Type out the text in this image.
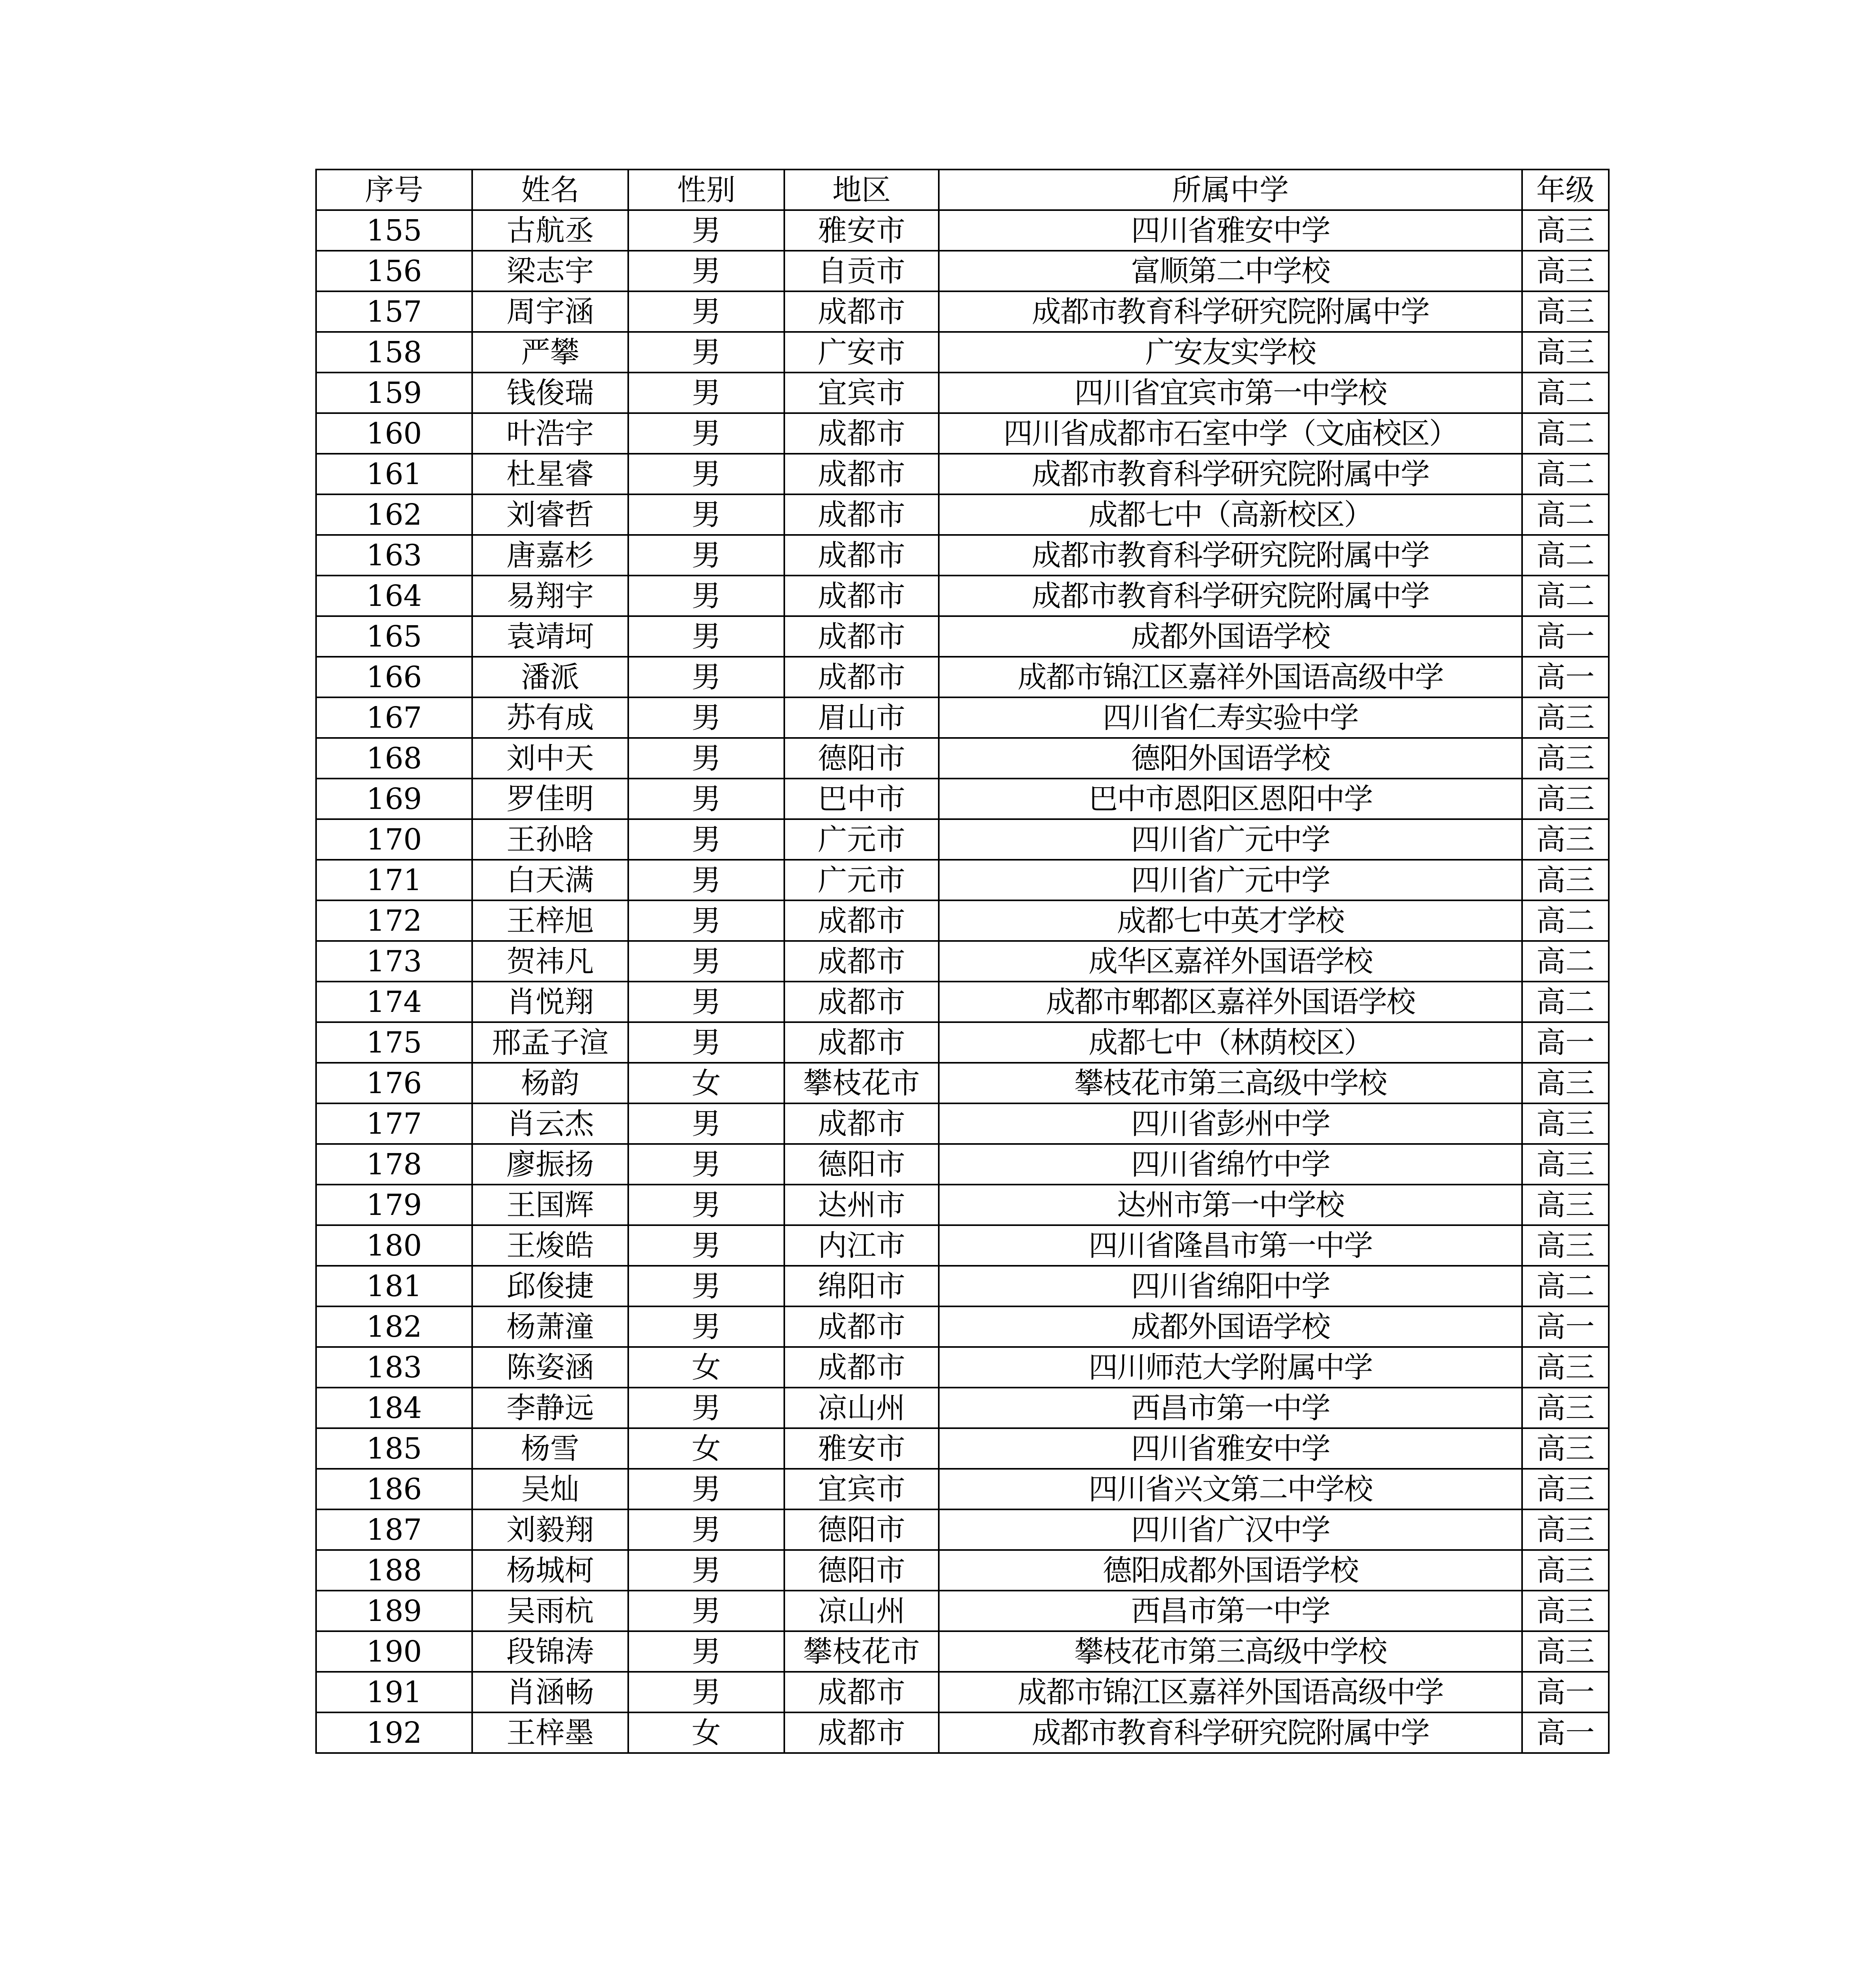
序号	姓名	性别	地区	所属中学	年级
155	古航丞	男	雅安市	四川省雅安中学	高三
156	梁志宇	男	自贡市	富顺第二中学校	高三
157	周宇涵	男	成都市	成都市教育科学研究院附属中学	高三
158	严攀	男	广安市	广安友实学校	高三
159	钱俊瑞	男	宜宾市	四川省宜宾市第一中学校	高二
160	叶浩宇	男	成都市	四川省成都市石室中学（文庙校区）	高二
161	杜星睿	男	成都市	成都市教育科学研究院附属中学	高二
162	刘睿哲	男	成都市	成都七中（高新校区）	高二
163	唐嘉杉	男	成都市	成都市教育科学研究院附属中学	高二
164	易翔宇	男	成都市	成都市教育科学研究院附属中学	高二
165	袁靖坷	男	成都市	成都外国语学校	高一
166	潘派	男	成都市	成都市锦江区嘉祥外国语高级中学	高一
167	苏有成	男	眉山市	四川省仁寿实验中学	高三
168	刘中天	男	德阳市	德阳外国语学校	高三
169	罗佳明	男	巴中市	巴中市恩阳区恩阳中学	高三
170	王孙晗	男	广元市	四川省广元中学	高三
171	白天满	男	广元市	四川省广元中学	高三
172	王梓旭	男	成都市	成都七中英才学校	高二
173	贺祎凡	男	成都市	成华区嘉祥外国语学校	高二
174	肖悦翔	男	成都市	成都市郫都区嘉祥外国语学校	高二
175	邢孟子渲	男	成都市	成都七中（林荫校区）	高一
176	杨韵	女	攀枝花市	攀枝花市第三高级中学校	高三
177	肖云杰	男	成都市	四川省彭州中学	高三
178	廖振扬	男	德阳市	四川省绵竹中学	高三
179	王国辉	男	达州市	达州市第一中学校	高三
180	王焌皓	男	内江市	四川省隆昌市第一中学	高三
181	邱俊捷	男	绵阳市	四川省绵阳中学	高二
182	杨萧潼	男	成都市	成都外国语学校	高一
183	陈姿涵	女	成都市	四川师范大学附属中学	高三
184	李静远	男	凉山州	西昌市第一中学	高三
185	杨雪	女	雅安市	四川省雅安中学	高三
186	吴灿	男	宜宾市	四川省兴文第二中学校	高三
187	刘毅翔	男	德阳市	四川省广汉中学	高三
188	杨城柯	男	德阳市	德阳成都外国语学校	高三
189	吴雨杭	男	凉山州	西昌市第一中学	高三
190	段锦涛	男	攀枝花市	攀枝花市第三高级中学校	高三
191	肖涵畅	男	成都市	成都市锦江区嘉祥外国语高级中学	高一
192	王梓墨	女	成都市	成都市教育科学研究院附属中学	高一
